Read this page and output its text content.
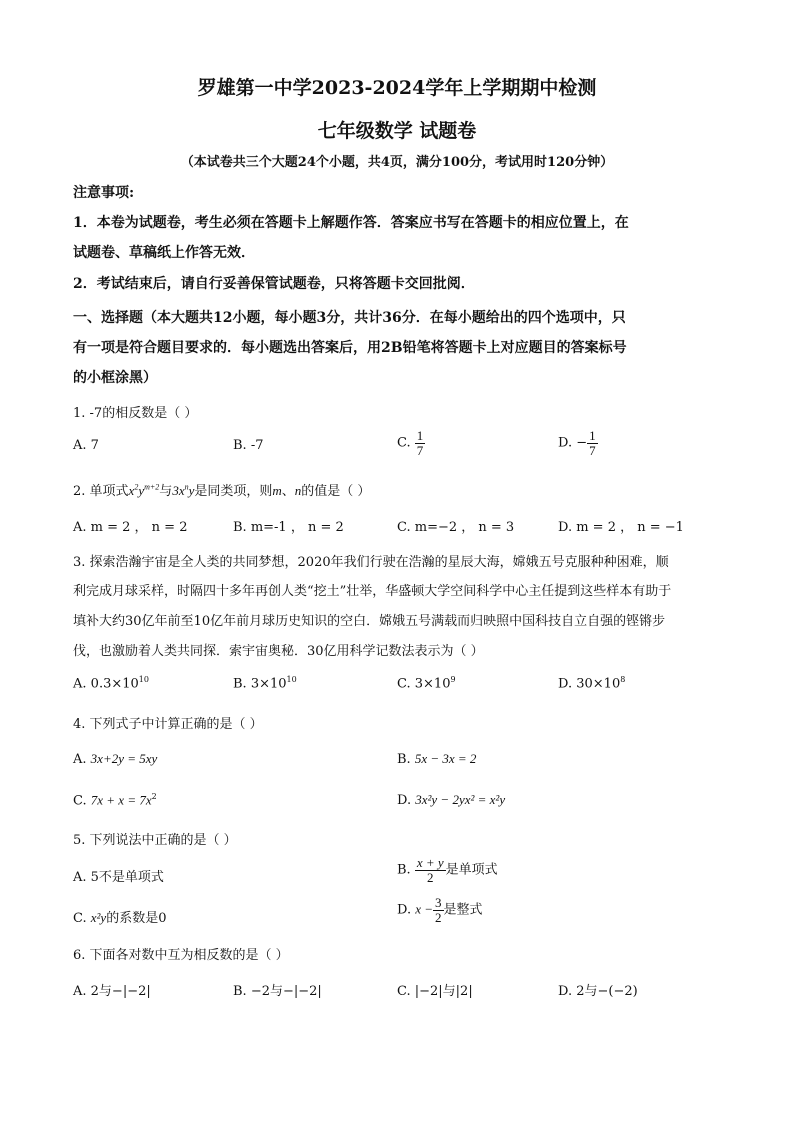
罗雄第一中学2023-2024学年上学期期中检测
七年级数学 试题卷
（本试卷共三个大题24个小题，共4页，满分100分，考试用时120分钟）
注意事项:
1．本卷为试题卷，考生必须在答题卡上解题作答．答案应书写在答题卡的相应位置上，在
试题卷、草稿纸上作答无效．
2．考试结束后，请自行妥善保管试题卷，只将答题卡交回批阅．
一、选择题（本大题共12小题，每小题3分，共计36分．在每小题给出的四个选项中，只
有一项是符合题目要求的．每小题选出答案后，用2B铅笔将答题卡上对应题目的答案标号
的小框涂黑）
1. -7的相反数是（ ）
A. 7	B. -7	C. $\frac{1}{7}$	D. − $\frac{1}{7}$
2. 单项式$x^2y^{m+2}$与$3x^ny$是同类项，则m、n的值是（ ）
A. m = 2 ， n = 2	B. m=-1 ， n = 2	C. m=−2 ， n = 3	D. m = 2 ， n = −1
3. 探索浩瀚宇宙是全人类的共同梦想，2020年我们行驶在浩瀚的星辰大海，嫦娥五号克服种种困难，顺
利完成月球采样，时隔四十多年再创人类“挖土”壮举，华盛顿大学空间科学中心主任提到这些样本有助于
填补大约30亿年前至10亿年前月球历史知识的空白．嫦娥五号满载而归映照中国科技自立自强的铿锵步
伐，也激励着人类共同探．索宇宙奥秘．30亿用科学记数法表示为（ ）
A. $0.3\times 10^{10}$	B. $3\times 10^{10}$	C. $3\times 10^9$	D. $30\times 10^8$
4. 下列式子中计算正确的是（ ）
A. 3x+2y = 5xy	B. 5x − 3x = 2
C. $7x + x = 7x^2$	D. 3x²y − 2yx² = x²y
5. 下列说法中正确的是（ ）
A. 5不是单项式	B. $\frac{x + y}{2}$ 是单项式
C. x²y的系数是0
D. $x - \frac{3}{2}$ 是整式
6. 下面各对数中互为相反数的是（ ）
A. 2与−|−2|	B. −2与−|−2|	C. |−2|与|2|	D. 2与−(−2)
